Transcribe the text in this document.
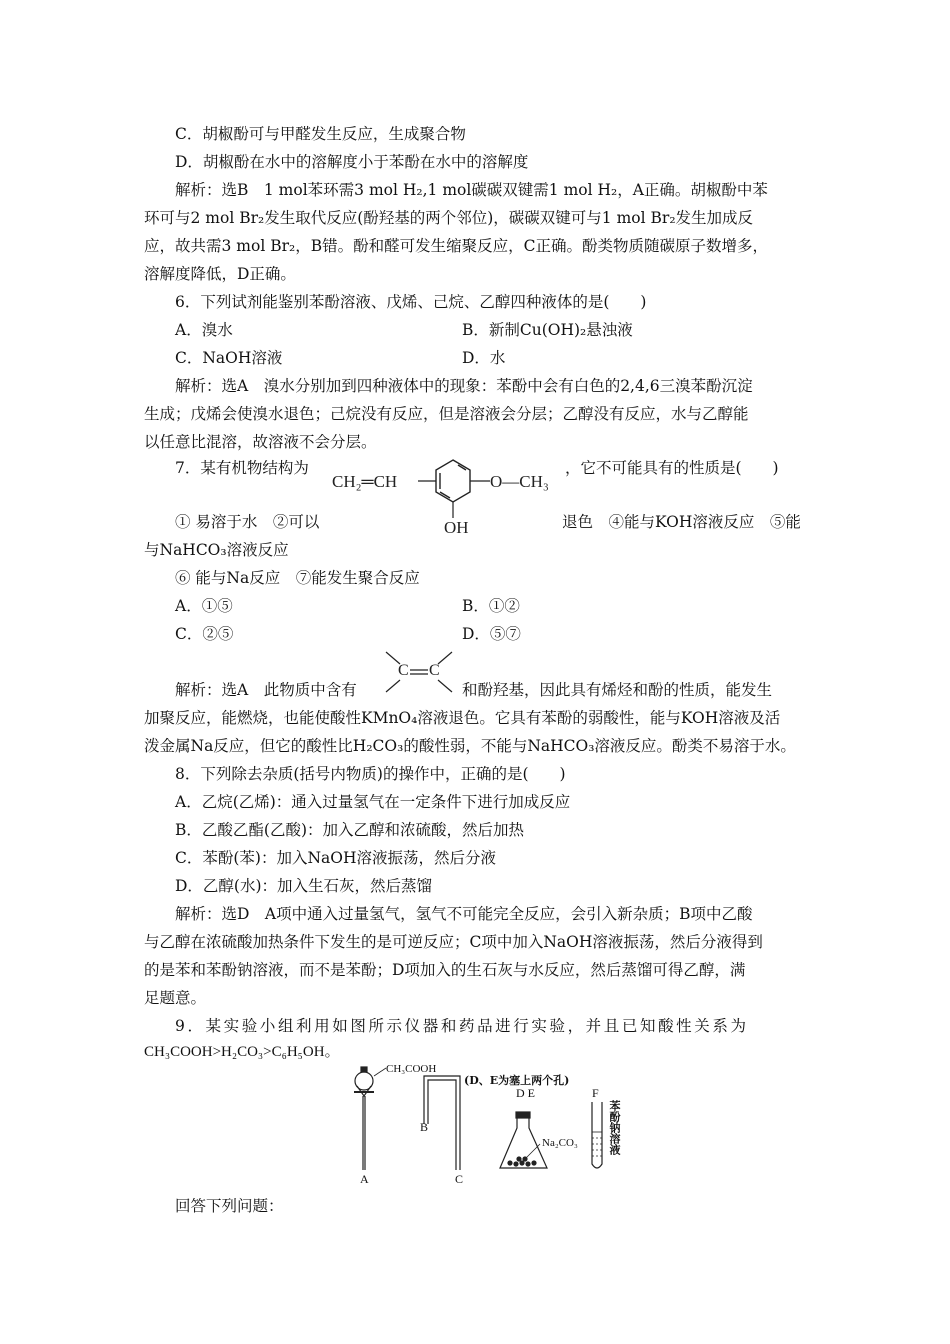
C．胡椒酚可与甲醛发生反应，生成聚合物
D．胡椒酚在水中的溶解度小于苯酚在水中的溶解度
解析：选B　1 mol苯环需3 mol H₂,1 mol碳碳双键需1 mol H₂，A正确。胡椒酚中苯
环可与2 mol Br₂发生取代反应(酚羟基的两个邻位)，碳碳双键可与1 mol Br₂发生加成反
应，故共需3 mol Br₂，B错。酚和醛可发生缩聚反应，C正确。酚类物质随碳原子数增多，
溶解度降低，D正确。
6．下列试剂能鉴别苯酚溶液、戊烯、己烷、乙醇四种液体的是(　　)
A．溴水	B．新制Cu(OH)₂悬浊液
C．NaOH溶液	D．水
解析：选A　溴水分别加到四种液体中的现象：苯酚中会有白色的2,4,6三溴苯酚沉淀
生成；戊烯会使溴水退色；己烷没有反应，但是溶液会分层；乙醇没有反应，水与乙醇能
以任意比混溶，故溶液不会分层。
7．某有机物结构为	，它不可能具有的性质是(　　)
CH₂═CH	O—CH₃
OH
① 易溶于水　②可以	退色　④能与KOH溶液反应　⑤能
与NaHCO₃溶液反应
⑥ 能与Na反应　⑦能发生聚合反应
A．①⑤	B．①②
C．②⑤	D．⑤⑦
解析：选A　此物质中含有
C C
和酚羟基，因此具有烯烃和酚的性质，能发生
加聚反应，能燃烧，也能使酸性KMnO₄溶液退色。它具有苯酚的弱酸性，能与KOH溶液及活
泼金属Na反应，但它的酸性比H₂CO₃的酸性弱，不能与NaHCO₃溶液反应。酚类不易溶于水。
8．下列除去杂质(括号内物质)的操作中，正确的是(　　)
A．乙烷(乙烯)：通入过量氢气在一定条件下进行加成反应
B．乙酸乙酯(乙酸)：加入乙醇和浓硫酸，然后加热
C．苯酚(苯)：加入NaOH溶液振荡，然后分液
D．乙醇(水)：加入生石灰，然后蒸馏
解析：选D　A项中通入过量氢气，氢气不可能完全反应，会引入新杂质；B项中乙酸
与乙醇在浓硫酸加热条件下发生的是可逆反应；C项中加入NaOH溶液振荡，然后分液得到
的是苯和苯酚钠溶液，而不是苯酚；D项加入的生石灰与水反应，然后蒸馏可得乙醇，满
足题意。
9．某实验小组利用如图所示仪器和药品进行实验，并且已知酸性关系为
CH₃COOH>H₂CO₃>C₆H₅OH。
CH₃COOH
(D、E为塞上两个孔)
D E
Na₂CO₃
F
苯酚钠溶液
A
B
C
回答下列问题：
